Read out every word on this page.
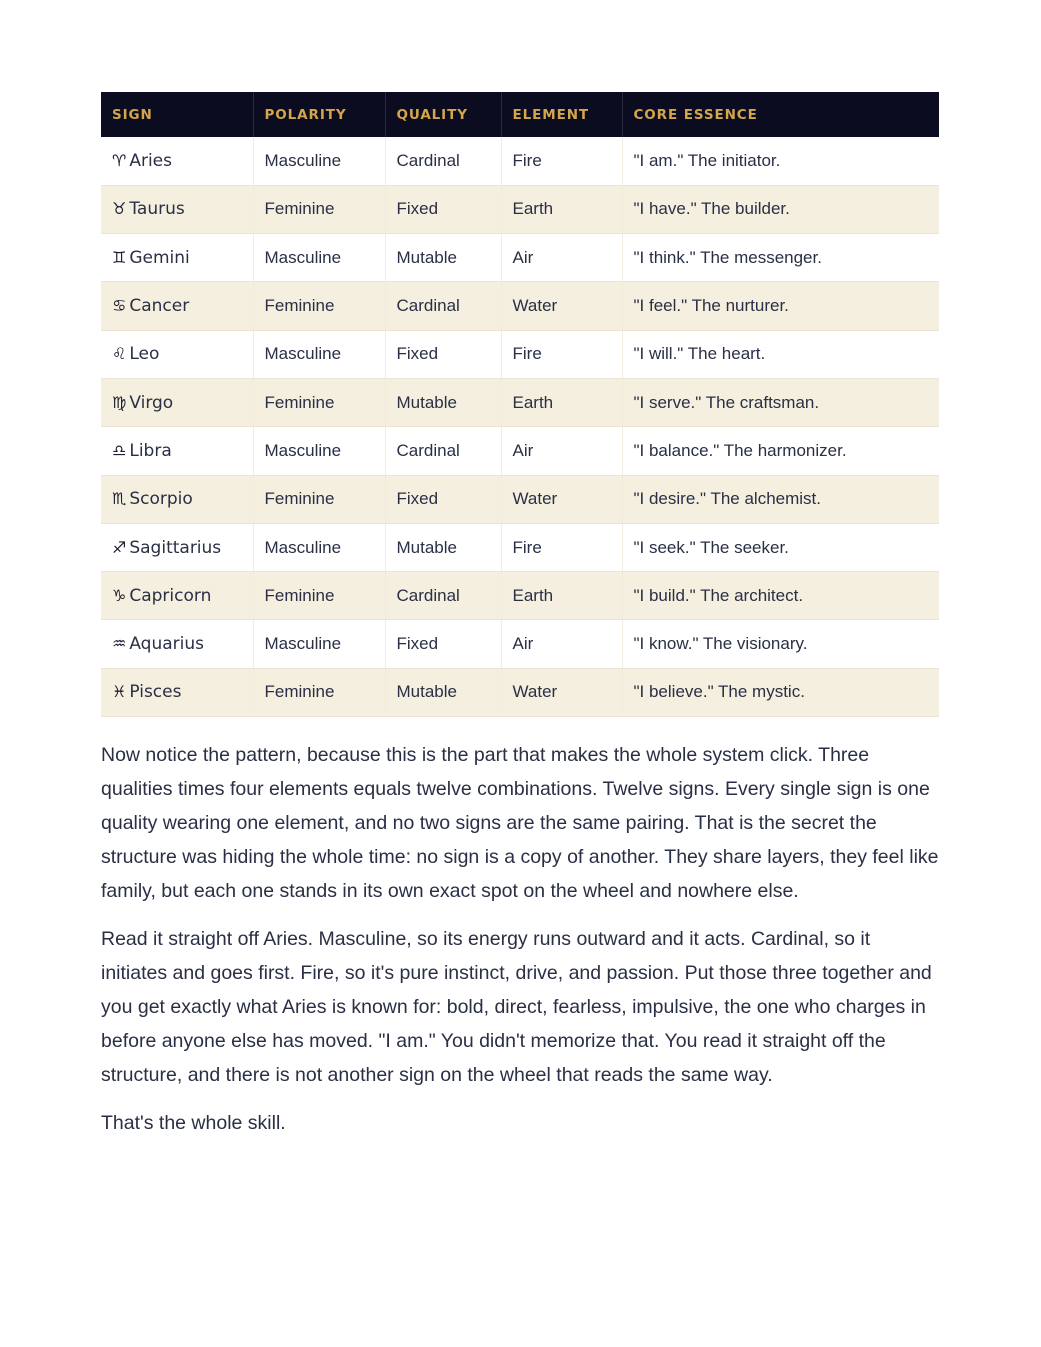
SIGN	POLARITY	QUALITY	ELEMENT	CORE ESSENCE
♈ Aries	Masculine	Cardinal	Fire	"I am." The initiator.
♉ Taurus	Feminine	Fixed	Earth	"I have." The builder.
♊ Gemini	Masculine	Mutable	Air	"I think." The messenger.
♋ Cancer	Feminine	Cardinal	Water	"I feel." The nurturer.
♌ Leo	Masculine	Fixed	Fire	"I will." The heart.
♍ Virgo	Feminine	Mutable	Earth	"I serve." The craftsman.
♎ Libra	Masculine	Cardinal	Air	"I balance." The harmonizer.
♏ Scorpio	Feminine	Fixed	Water	"I desire." The alchemist.
♐ Sagittarius	Masculine	Mutable	Fire	"I seek." The seeker.
♑ Capricorn	Feminine	Cardinal	Earth	"I build." The architect.
♒ Aquarius	Masculine	Fixed	Air	"I know." The visionary.
♓ Pisces	Feminine	Mutable	Water	"I believe." The mystic.

Now notice the pattern, because this is the part that makes the whole system click. Three qualities times four elements equals twelve combinations. Twelve signs. Every single sign is one quality wearing one element, and no two signs are the same pairing. That is the secret the structure was hiding the whole time: no sign is a copy of another. They share layers, they feel like family, but each one stands in its own exact spot on the wheel and nowhere else.

Read it straight off Aries. Masculine, so its energy runs outward and it acts. Cardinal, so it initiates and goes first. Fire, so it's pure instinct, drive, and passion. Put those three together and you get exactly what Aries is known for: bold, direct, fearless, impulsive, the one who charges in before anyone else has moved. "I am." You didn't memorize that. You read it straight off the structure, and there is not another sign on the wheel that reads the same way.

That's the whole skill.
